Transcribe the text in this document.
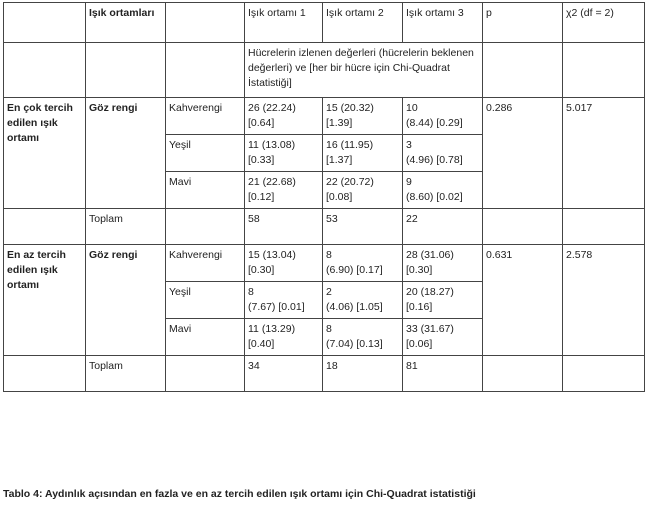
	Işık ortamları		Işık ortamı 1	Işık ortamı 2	Işık ortamı 3	p	χ2 (df = 2)

			Hücrelerin izlenen değerleri (hücrelerin beklenen
değerleri) ve [her bir hücre için Chi-Quadrat
İstatistiği]				

En çok tercih
edilen ışık
ortamı	Göz rengi	Kahverengi	26 (22.24)
[0.64]	15 (20.32)
[1.39]	10
(8.44) [0.29]	0.286	5.017
		Yeşil	11 (13.08)
[0.33]	16 (11.95)
[1.37]	3
(4.96) [0.78]		

		Mavi	21 (22.68)
[0.12]	22 (20.72)
[0.08]	9
(8.60) [0.02]		

	Toplam		58	53	22		

En az tercih
edilen ışık
ortamı	Göz rengi	Kahverengi	15 (13.04)
[0.30]	8
(6.90) [0.17]	28 (31.06)
[0.30]	0.631	2.578
		Yeşil	8
(7.67) [0.01]	2
(4.06) [1.05]	20 (18.27)
[0.16]		

		Mavi	11 (13.29)
[0.40]	8
(7.04) [0.13]	33 (31.67)
[0.06]		

	Toplam		34	18	81		
Tablo 4: Aydınlık açısından en fazla ve en az tercih edilen ışık ortamı için Chi-Quadrat istatistiği
